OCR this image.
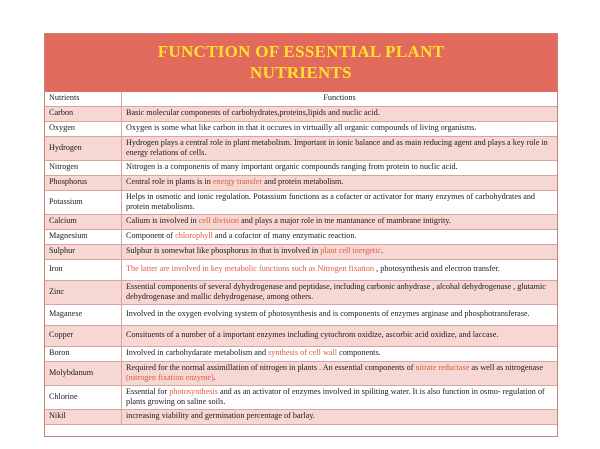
FUNCTION OF ESSENTIAL PLANT
NUTRIENTS
Nutrients	Functions
Carbon	Basic molecular components of carbohydrates,proteins,lipids and nuclic acid.
Oxygen	Oxygen is some what like carbon in that it occures in virtuailly all organic compounds of living organisms.
Hydrogen	Hydrogen plays a central role in plant metabolism. Important in ionic balance and as main reducing agent and plays a key role in energy relations of cells.
Nitrogen	Nitrogen is a components of many important organic compounds ranging from protein to nuclic acid.
Phosphorus	Central role in plants is in energy transfer and protein metabolism.
Potassium	Helps in osmotic and ionic regulation. Potassium functions as a cofacter or activator for many enzymes of carbohydrates and protein metabolisms.
Calcium	Calium is involved in cell division and plays a major role in tne mantanance of mambrane intigrity.
Magnesium	Component of chlorophyll and a cofactor of many enzymatic reaction.
Sulphur	Sulphur is somewhat like phosphorus in that is involved in plant cell inergetic.
Iron	The latter are involved in key metabolic functions such as Nitrogen fixation , photosynthesis and electron transfer.
Zinc	Essential components of several dyhydrogenase and peptidase, including carbonic anhydrase , alcohal dehydrogenase , glutamic dehydrogenase and mallic dehydrogenase, among others.
Maganese	Involved in the oxygen evolving system of photosynthesis and is components of enzymes arginase and phosphotransferase.
Copper	Consituents of a number of a important enzymes including cytochrom oxidize, ascorbic acid oxidize, and laccase.
Boron	Involved in carbohydarate metabolism and synthesis of cell wall components.
Molybdanum	Required for the normal assimillation of nitrogen in plants . An essential components of nitrate reductase as well as nitrogenase (nitrogen fixation enzyme).
Chlorine	Essential for photosynthesis and as an activator of enzymes involved in spiliting water. It is also function in osmo- regulation of plants growing on saline soils.
Nikil	increasing viability and germination percentage of barlay.
